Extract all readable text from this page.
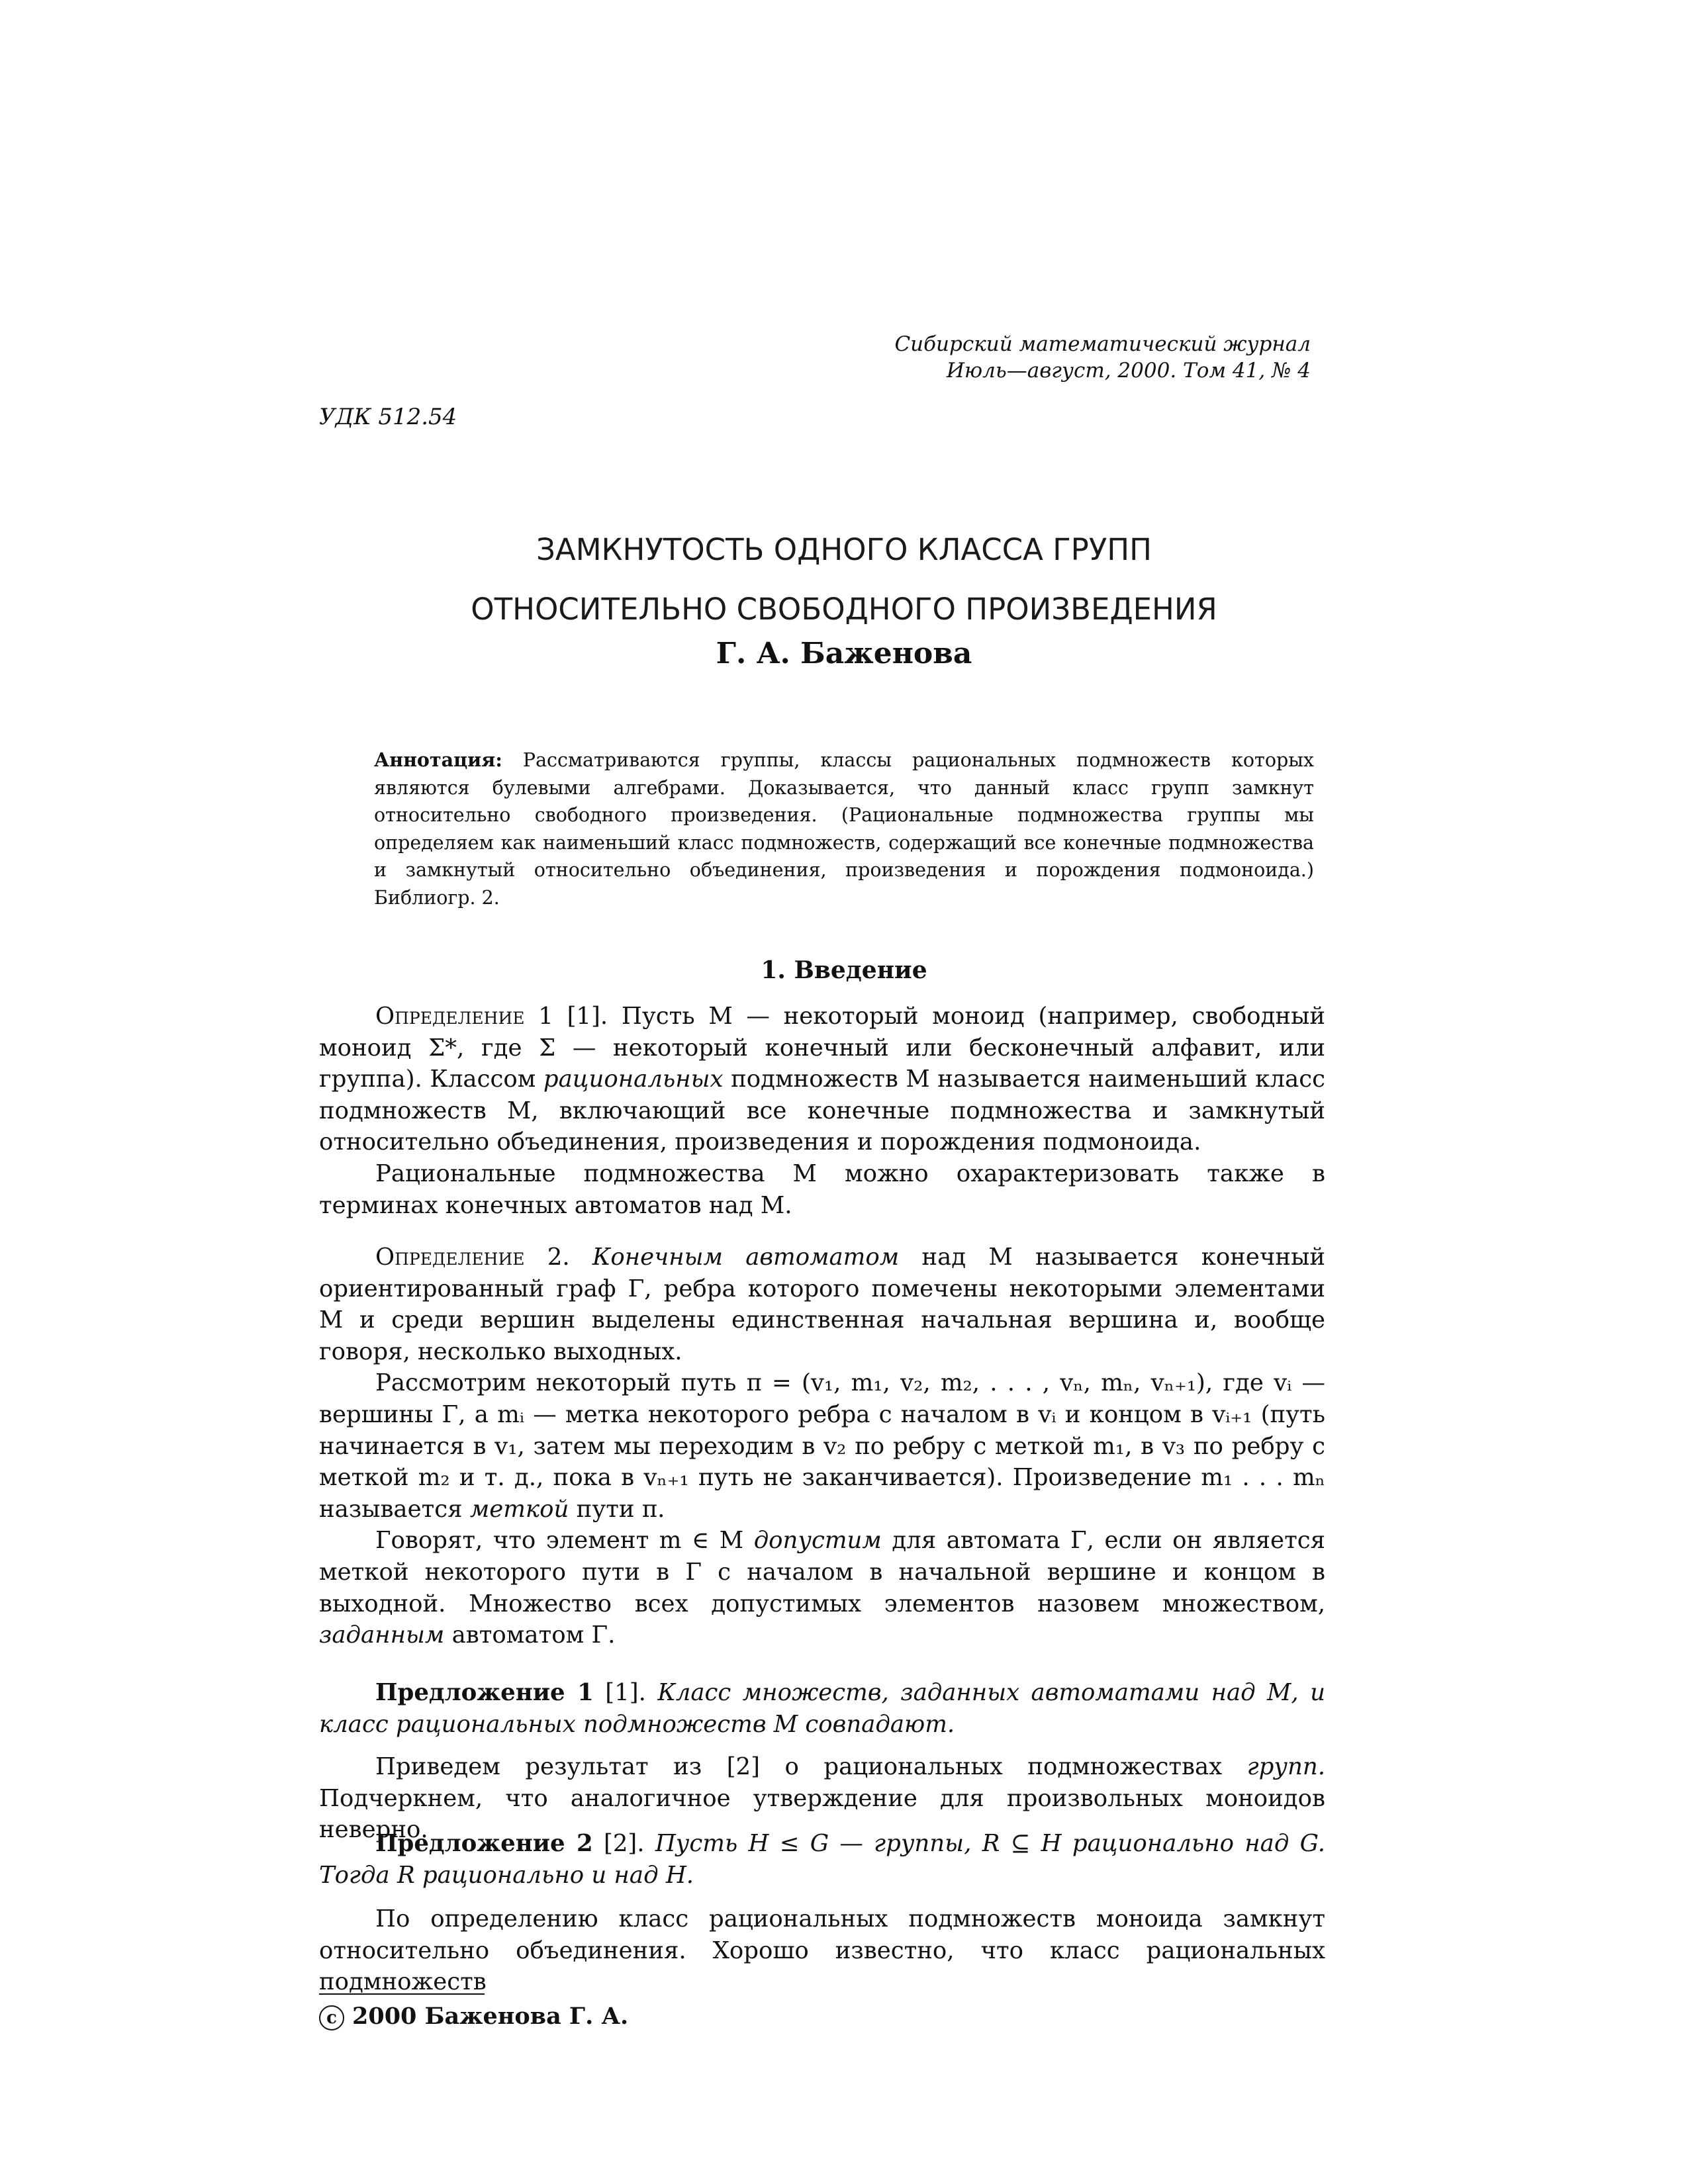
Сибирский математический журнал
Июль—август, 2000. Том 41, № 4
УДК 512.54
ЗАМКНУТОСТЬ ОДНОГО КЛАССА ГРУПП
ОТНОСИТЕЛЬНО СВОБОДНОГО ПРОИЗВЕДЕНИЯ
Г. А. Баженова
Аннотация: Рассматриваются группы, классы рациональных подмножеств которых являются булевыми алгебрами. Доказывается, что данный класс групп замкнут относительно свободного произведения. (Рациональные подмножества группы мы определяем как наименьший класс подмножеств, содержащий все конечные подмножества и замкнутый относительно объединения, произведения и порождения подмоноида.) Библиогр. 2.
1. Введение

Определение 1 [1]. Пусть M — некоторый моноид (например, свободный моноид Σ*, где Σ — некоторый конечный или бесконечный алфавит, или группа). Классом рациональных подмножеств M называется наименьший класс подмножеств M, включающий все конечные подмножества и замкнутый относительно объединения, произведения и порождения подмоноида.

Рациональные подмножества M можно охарактеризовать также в терминах конечных автоматов над M.

Определение 2. Конечным автоматом над M называется конечный ориентированный граф Γ, ребра которого помечены некоторыми элементами M и среди вершин выделены единственная начальная вершина и, вообще говоря, несколько выходных.

Рассмотрим некоторый путь π = (v₁, m₁, v₂, m₂, . . . , vₙ, mₙ, vₙ₊₁), где vᵢ — вершины Γ, а mᵢ — метка некоторого ребра с началом в vᵢ и концом в vᵢ₊₁ (путь начинается в v₁, затем мы переходим в v₂ по ребру с меткой m₁, в v₃ по ребру с меткой m₂ и т. д., пока в vₙ₊₁ путь не заканчивается). Произведение m₁ . . . mₙ называется меткой пути π.

Говорят, что элемент m ∈ M допустим для автомата Γ, если он является меткой некоторого пути в Γ с началом в начальной вершине и концом в выходной. Множество всех допустимых элементов назовем множеством, заданным автоматом Γ.

Предложение 1 [1]. Класс множеств, заданных автоматами над M, и класс рациональных подмножеств M совпадают.

Приведем результат из [2] о рациональных подмножествах групп. Подчеркнем, что аналогичное утверждение для произвольных моноидов неверно.

Предложение 2 [2]. Пусть H ≤ G — группы, R ⊆ H рационально над G. Тогда R рационально и над H.

По определению класс рациональных подмножеств моноида замкнут относительно объединения. Хорошо известно, что класс рациональных подмножеств

c 2000 Баженова Г. А.
